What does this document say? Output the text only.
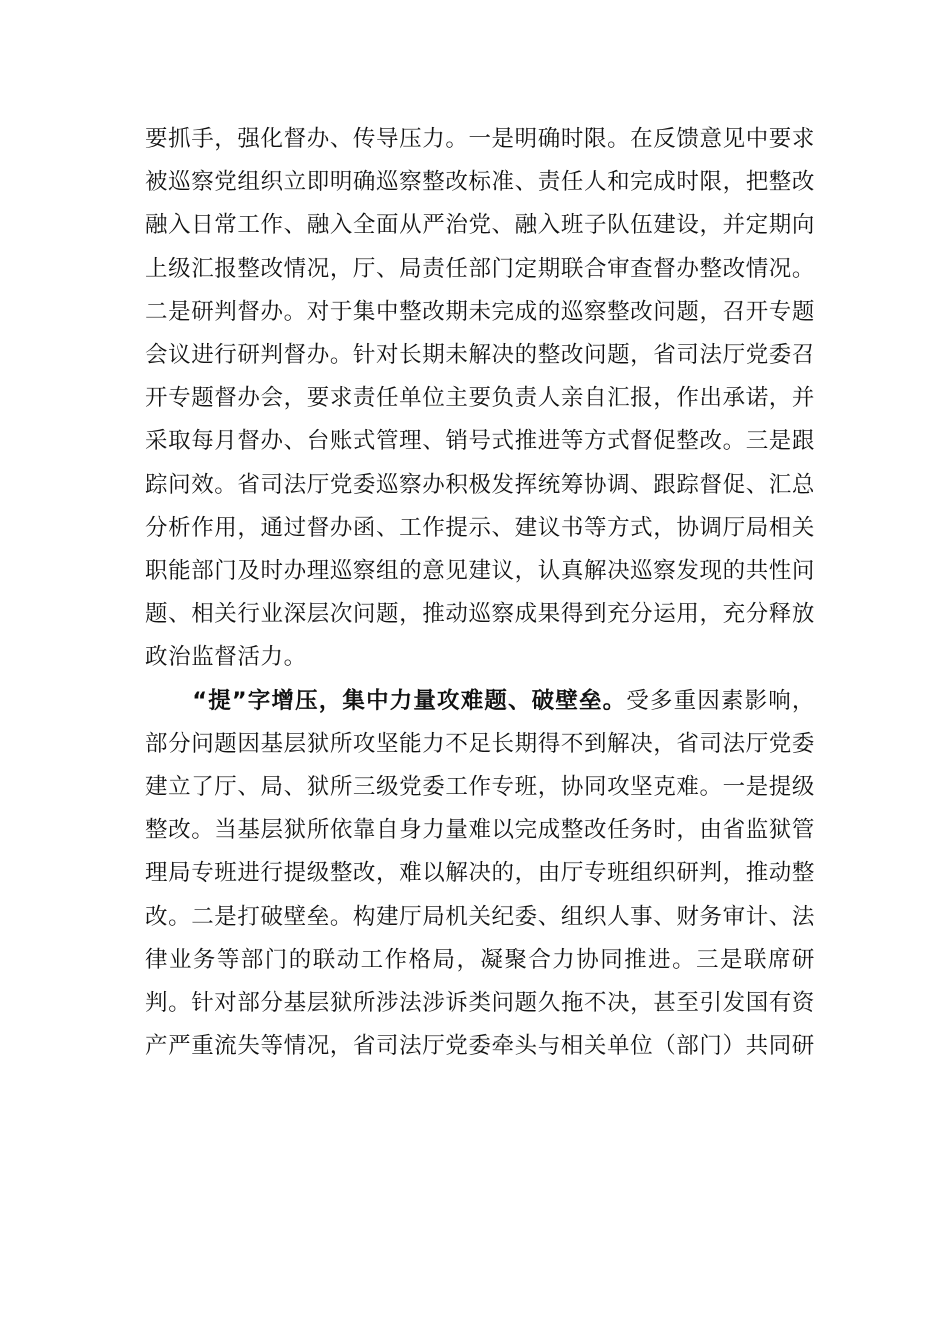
要抓手，强化督办、传导压力。一是明确时限。在反馈意见中要求被巡察党组织立即明确巡察整改标准、责任人和完成时限，把整改融入日常工作、融入全面从严治党、融入班子队伍建设，并定期向上级汇报整改情况，厅、局责任部门定期联合审查督办整改情况。二是研判督办。对于集中整改期未完成的巡察整改问题，召开专题会议进行研判督办。针对长期未解决的整改问题，省司法厅党委召开专题督办会，要求责任单位主要负责人亲自汇报，作出承诺，并采取每月督办、台账式管理、销号式推进等方式督促整改。三是跟踪问效。省司法厅党委巡察办积极发挥统筹协调、跟踪督促、汇总分析作用，通过督办函、工作提示、建议书等方式，协调厅局相关职能部门及时办理巡察组的意见建议，认真解决巡察发现的共性问题、相关行业深层次问题，推动巡察成果得到充分运用，充分释放政治监督活力。

“提”字增压，集中力量攻难题、破壁垒。受多重因素影响，部分问题因基层狱所攻坚能力不足长期得不到解决，省司法厅党委建立了厅、局、狱所三级党委工作专班，协同攻坚克难。一是提级整改。当基层狱所依靠自身力量难以完成整改任务时，由省监狱管理局专班进行提级整改，难以解决的，由厅专班组织研判，推动整改。二是打破壁垒。构建厅局机关纪委、组织人事、财务审计、法律业务等部门的联动工作格局，凝聚合力协同推进。三是联席研判。针对部分基层狱所涉法涉诉类问题久拖不决，甚至引发国有资产严重流失等情况，省司法厅党委牵头与相关单位（部门）共同研
